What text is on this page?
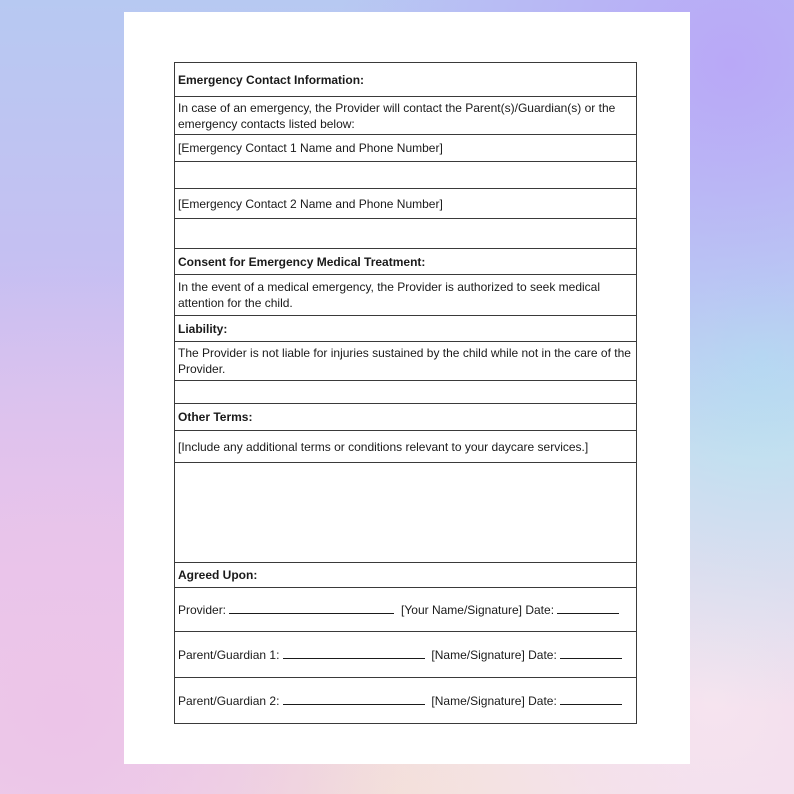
Emergency Contact Information:
In case of an emergency, the Provider will contact the Parent(s)/Guardian(s) or the emergency contacts listed below:
[Emergency Contact 1 Name and Phone Number]

[Emergency Contact 2 Name and Phone Number]

Consent for Emergency Medical Treatment:
In the event of a medical emergency, the Provider is authorized to seek medical attention for the child.
Liability:
The Provider is not liable for injuries sustained by the child while not in the care of the Provider.

Other Terms:
[Include any additional terms or conditions relevant to your daycare services.]

Agreed Upon:
Provider:	[Your Name/Signature] Date:
Parent/Guardian 1:	[Name/Signature] Date:
Parent/Guardian 2:	[Name/Signature] Date:
